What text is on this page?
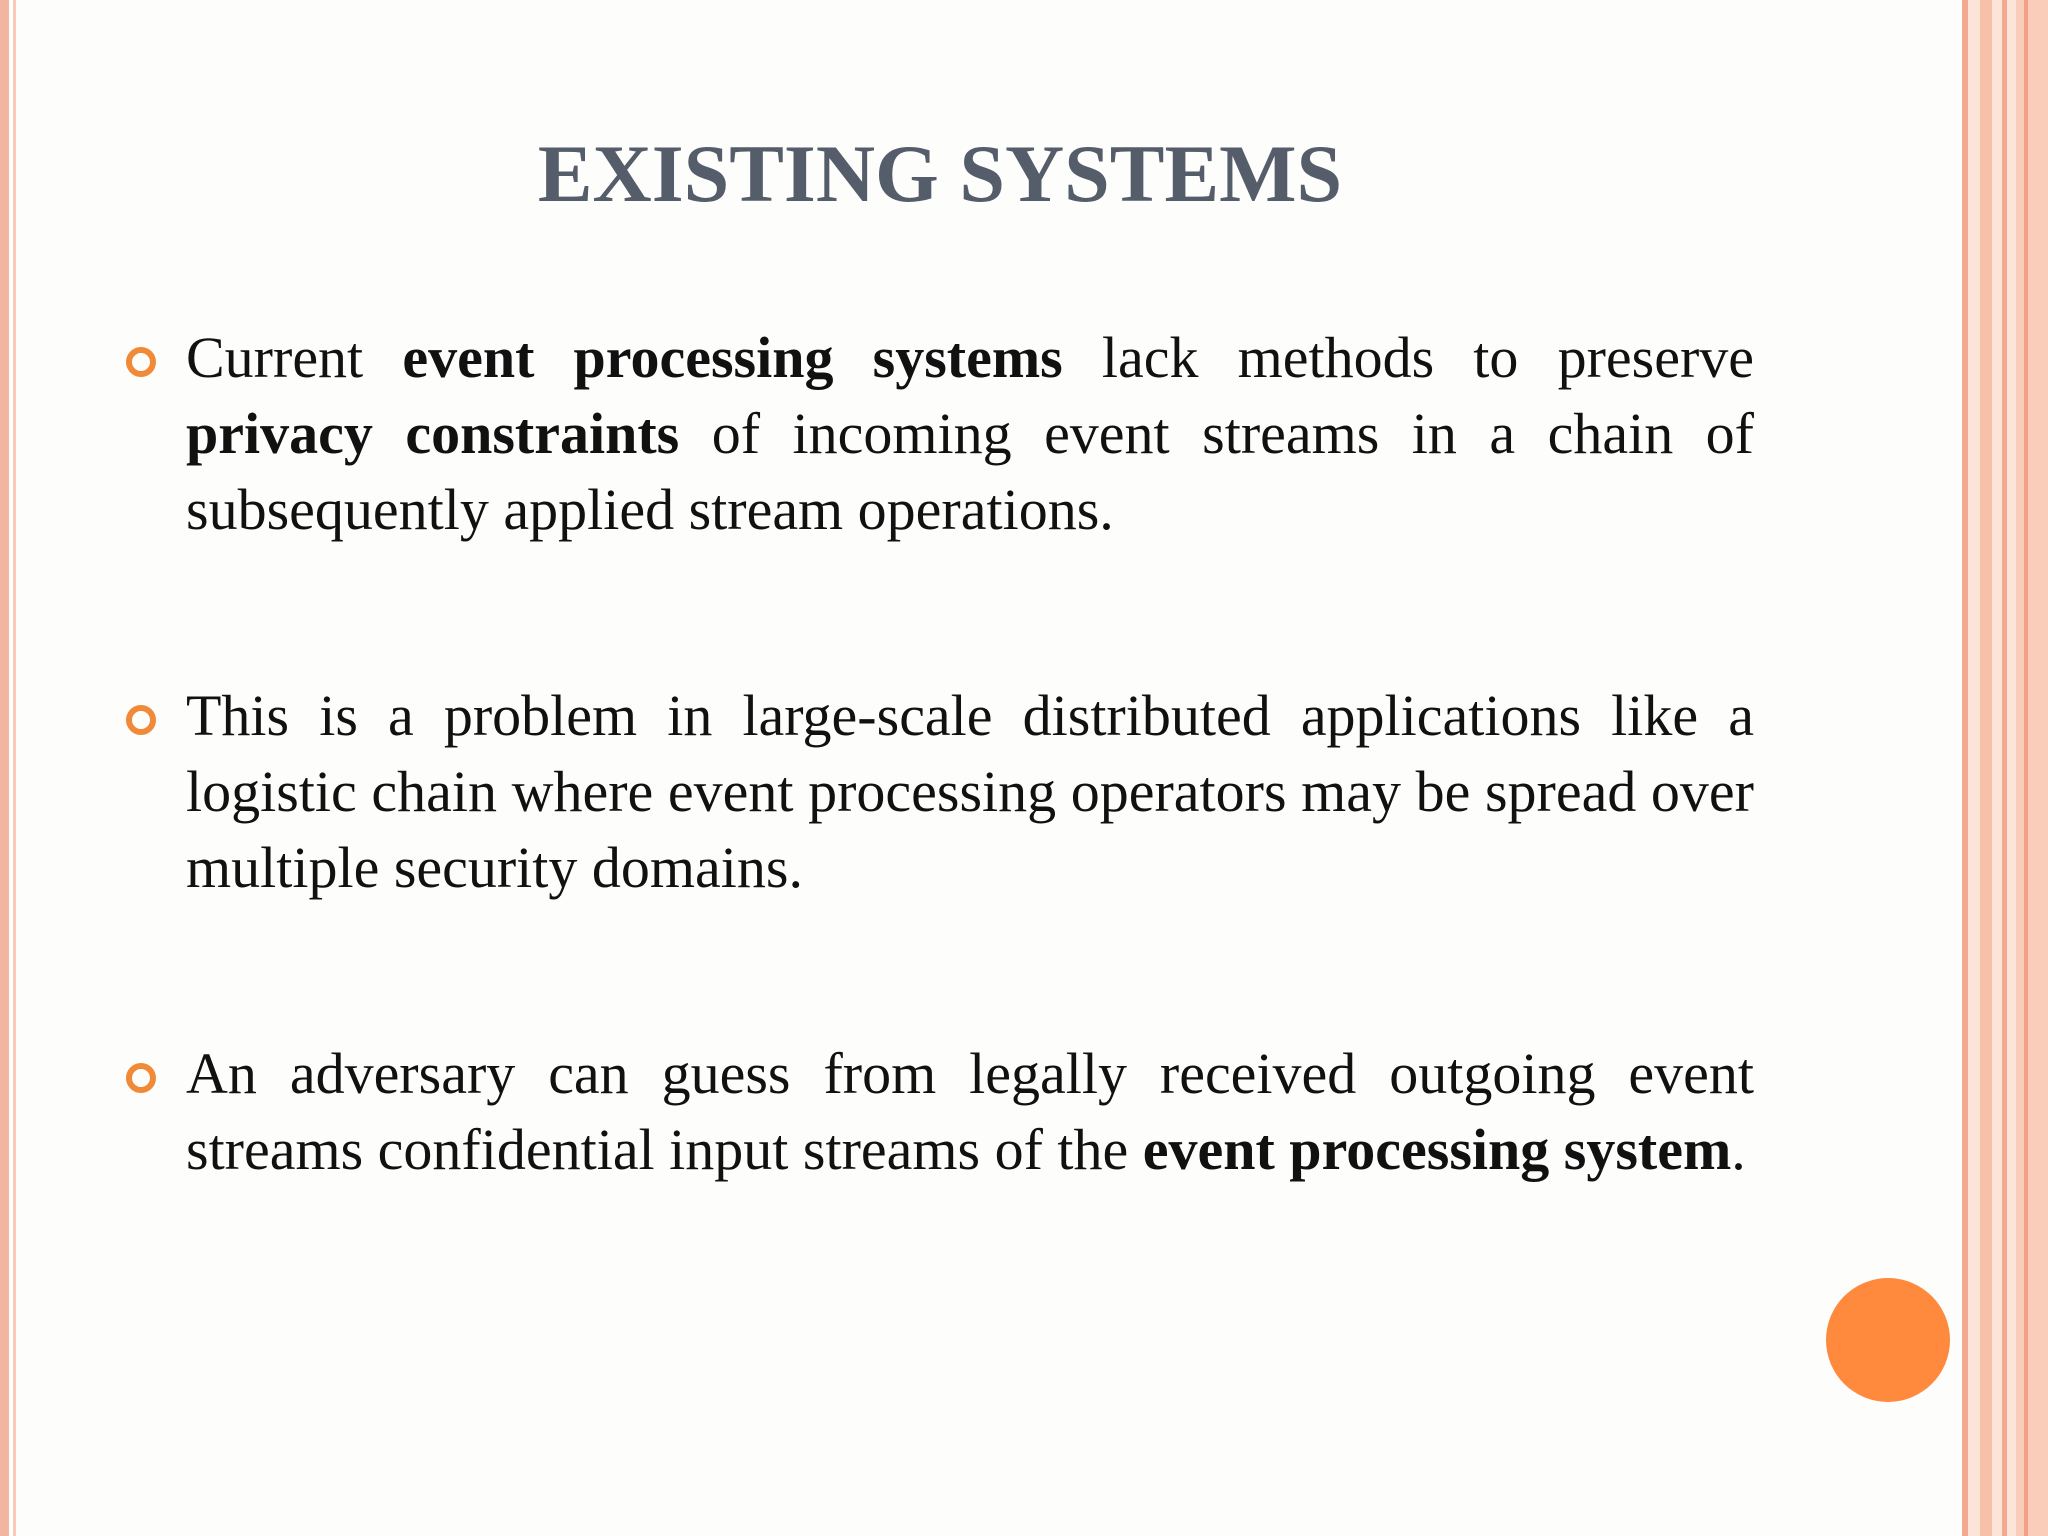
EXISTING SYSTEMS
Current event processing systems lack methods to preserve privacy constraints of incoming event streams in a chain of subsequently applied stream operations.
This is a problem in large-scale distributed applications like a logistic chain where event processing operators may be spread over multiple security domains.
An adversary can guess from legally received outgoing event streams confidential input streams of the event processing system.
